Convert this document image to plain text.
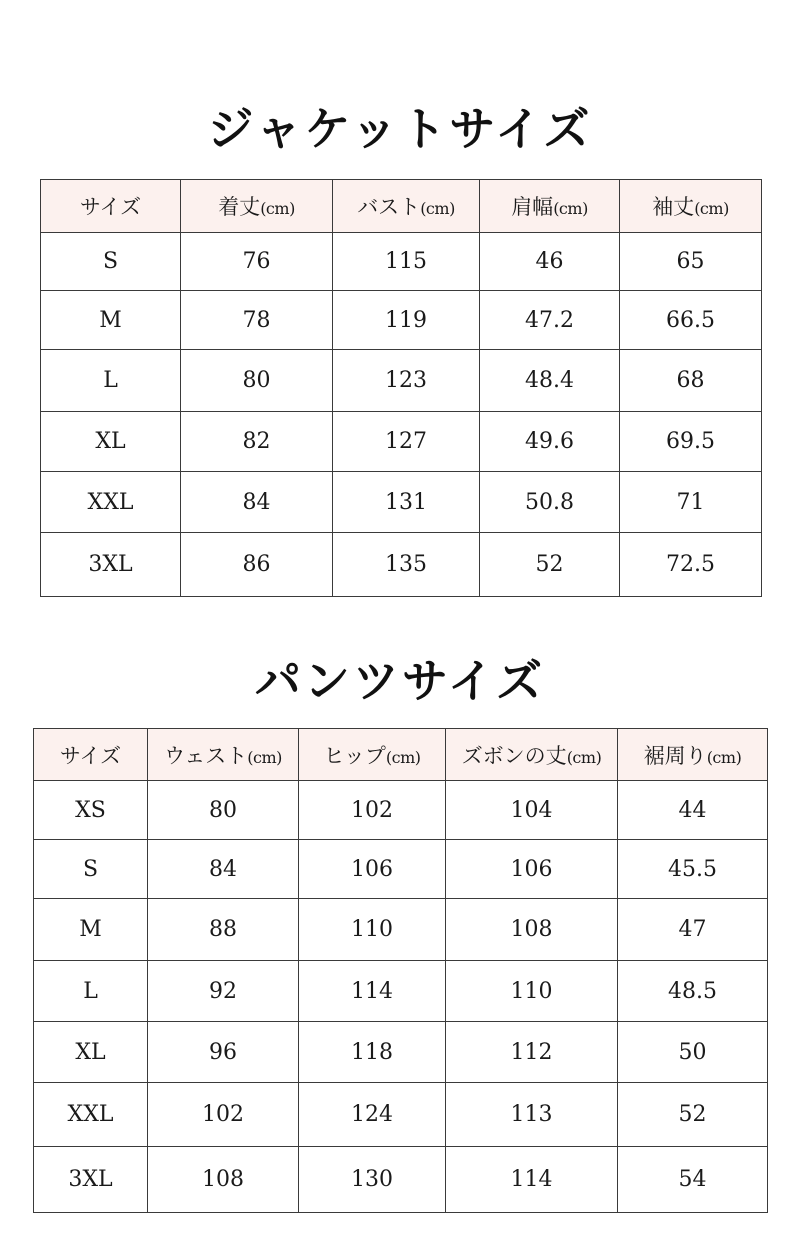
ジャケットサイズ
サイズ	着丈(cm)	バスト(cm)	肩幅(cm)	袖丈(cm)
S	76	115	46	65
M	78	119	47.2	66.5
L	80	123	48.4	68
XL	82	127	49.6	69.5
XXL	84	131	50.8	71
3XL	86	135	52	72.5
パンツサイズ
サイズ	ウェスト(cm)	ヒップ(cm)	ズボンの丈(cm)	裾周り(cm)
XS	80	102	104	44
S	84	106	106	45.5
M	88	110	108	47
L	92	114	110	48.5
XL	96	118	112	50
XXL	102	124	113	52
3XL	108	130	114	54
